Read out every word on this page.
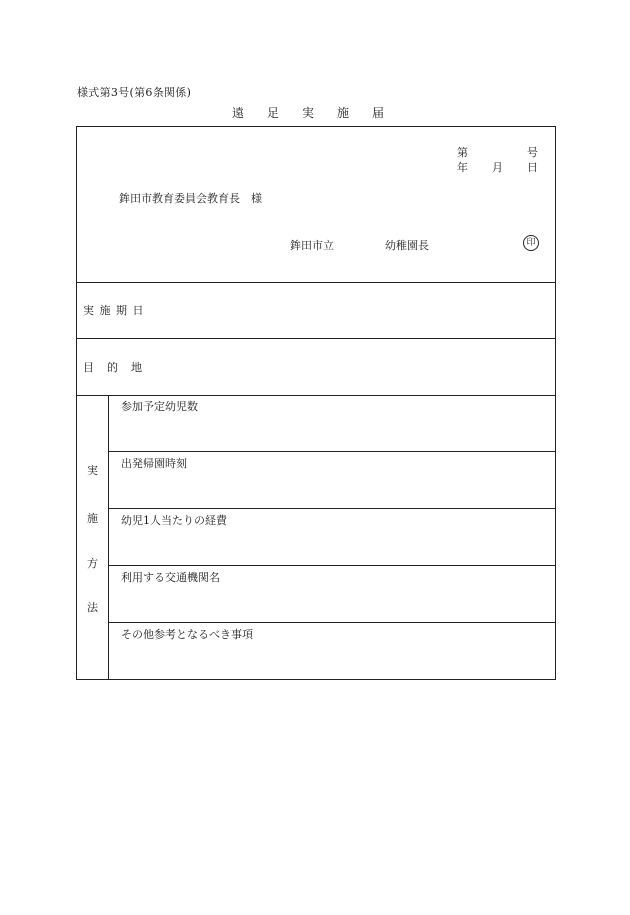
様式第3号(第6条関係)
遠足実施届
第	号
年 月 日
鉾田市教育委員会教育長　様
鉾田市立	幼稚園長	印
実 施 期 日
目　的　地
実
施
方
法
参加予定幼児数
出発帰園時刻
幼児1人当たりの経費
利用する交通機関名
その他参考となるべき事項
